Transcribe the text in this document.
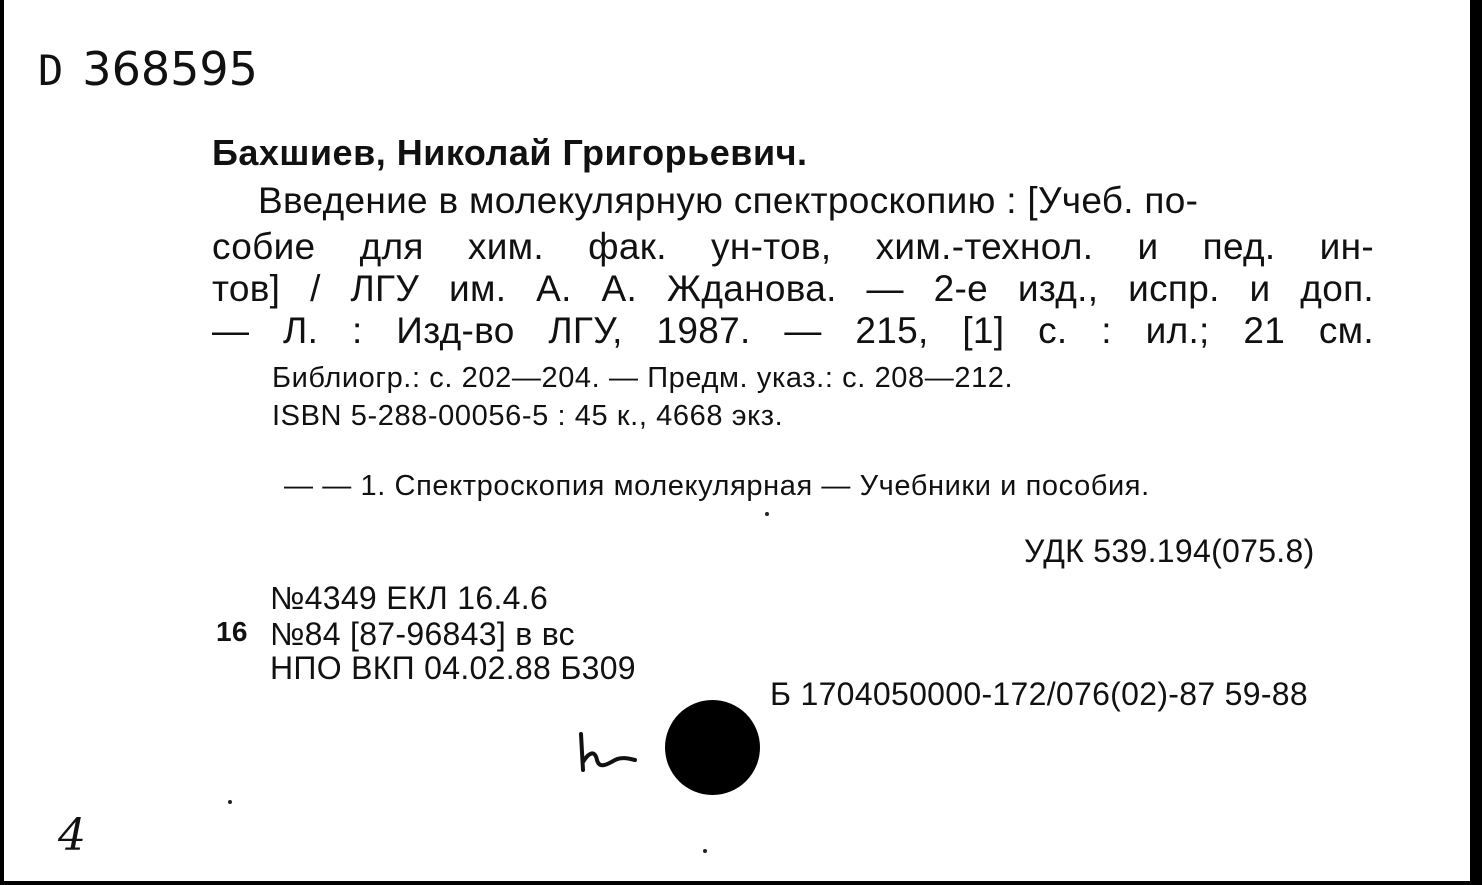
D 368595
Бахшиев, Николай Григорьевич.
Введение в молекулярную спектроскопию : [Учеб. по-
собие для хим. фак. ун-тов, хим.-технол. и пед. ин-
тов] / ЛГУ им. А. А. Жданова. — 2-е изд., испр. и доп.
— Л. : Изд-во ЛГУ, 1987. — 215, [1] с. : ил.; 21 см.
Библиогр.: с. 202—204. — Предм. указ.: с. 208—212.
ISBN 5-288-00056-5 : 45 к., 4668 экз.
— — 1. Спектроскопия молекулярная — Учебники и пособия.
УДК 539.194(075.8)
№4349 ЕКЛ 16.4.6
16 №84 [87-96843] в вс
НПО ВКП 04.02.88 Б309
Б 1704050000-172/076(02)-87 59-88
4
